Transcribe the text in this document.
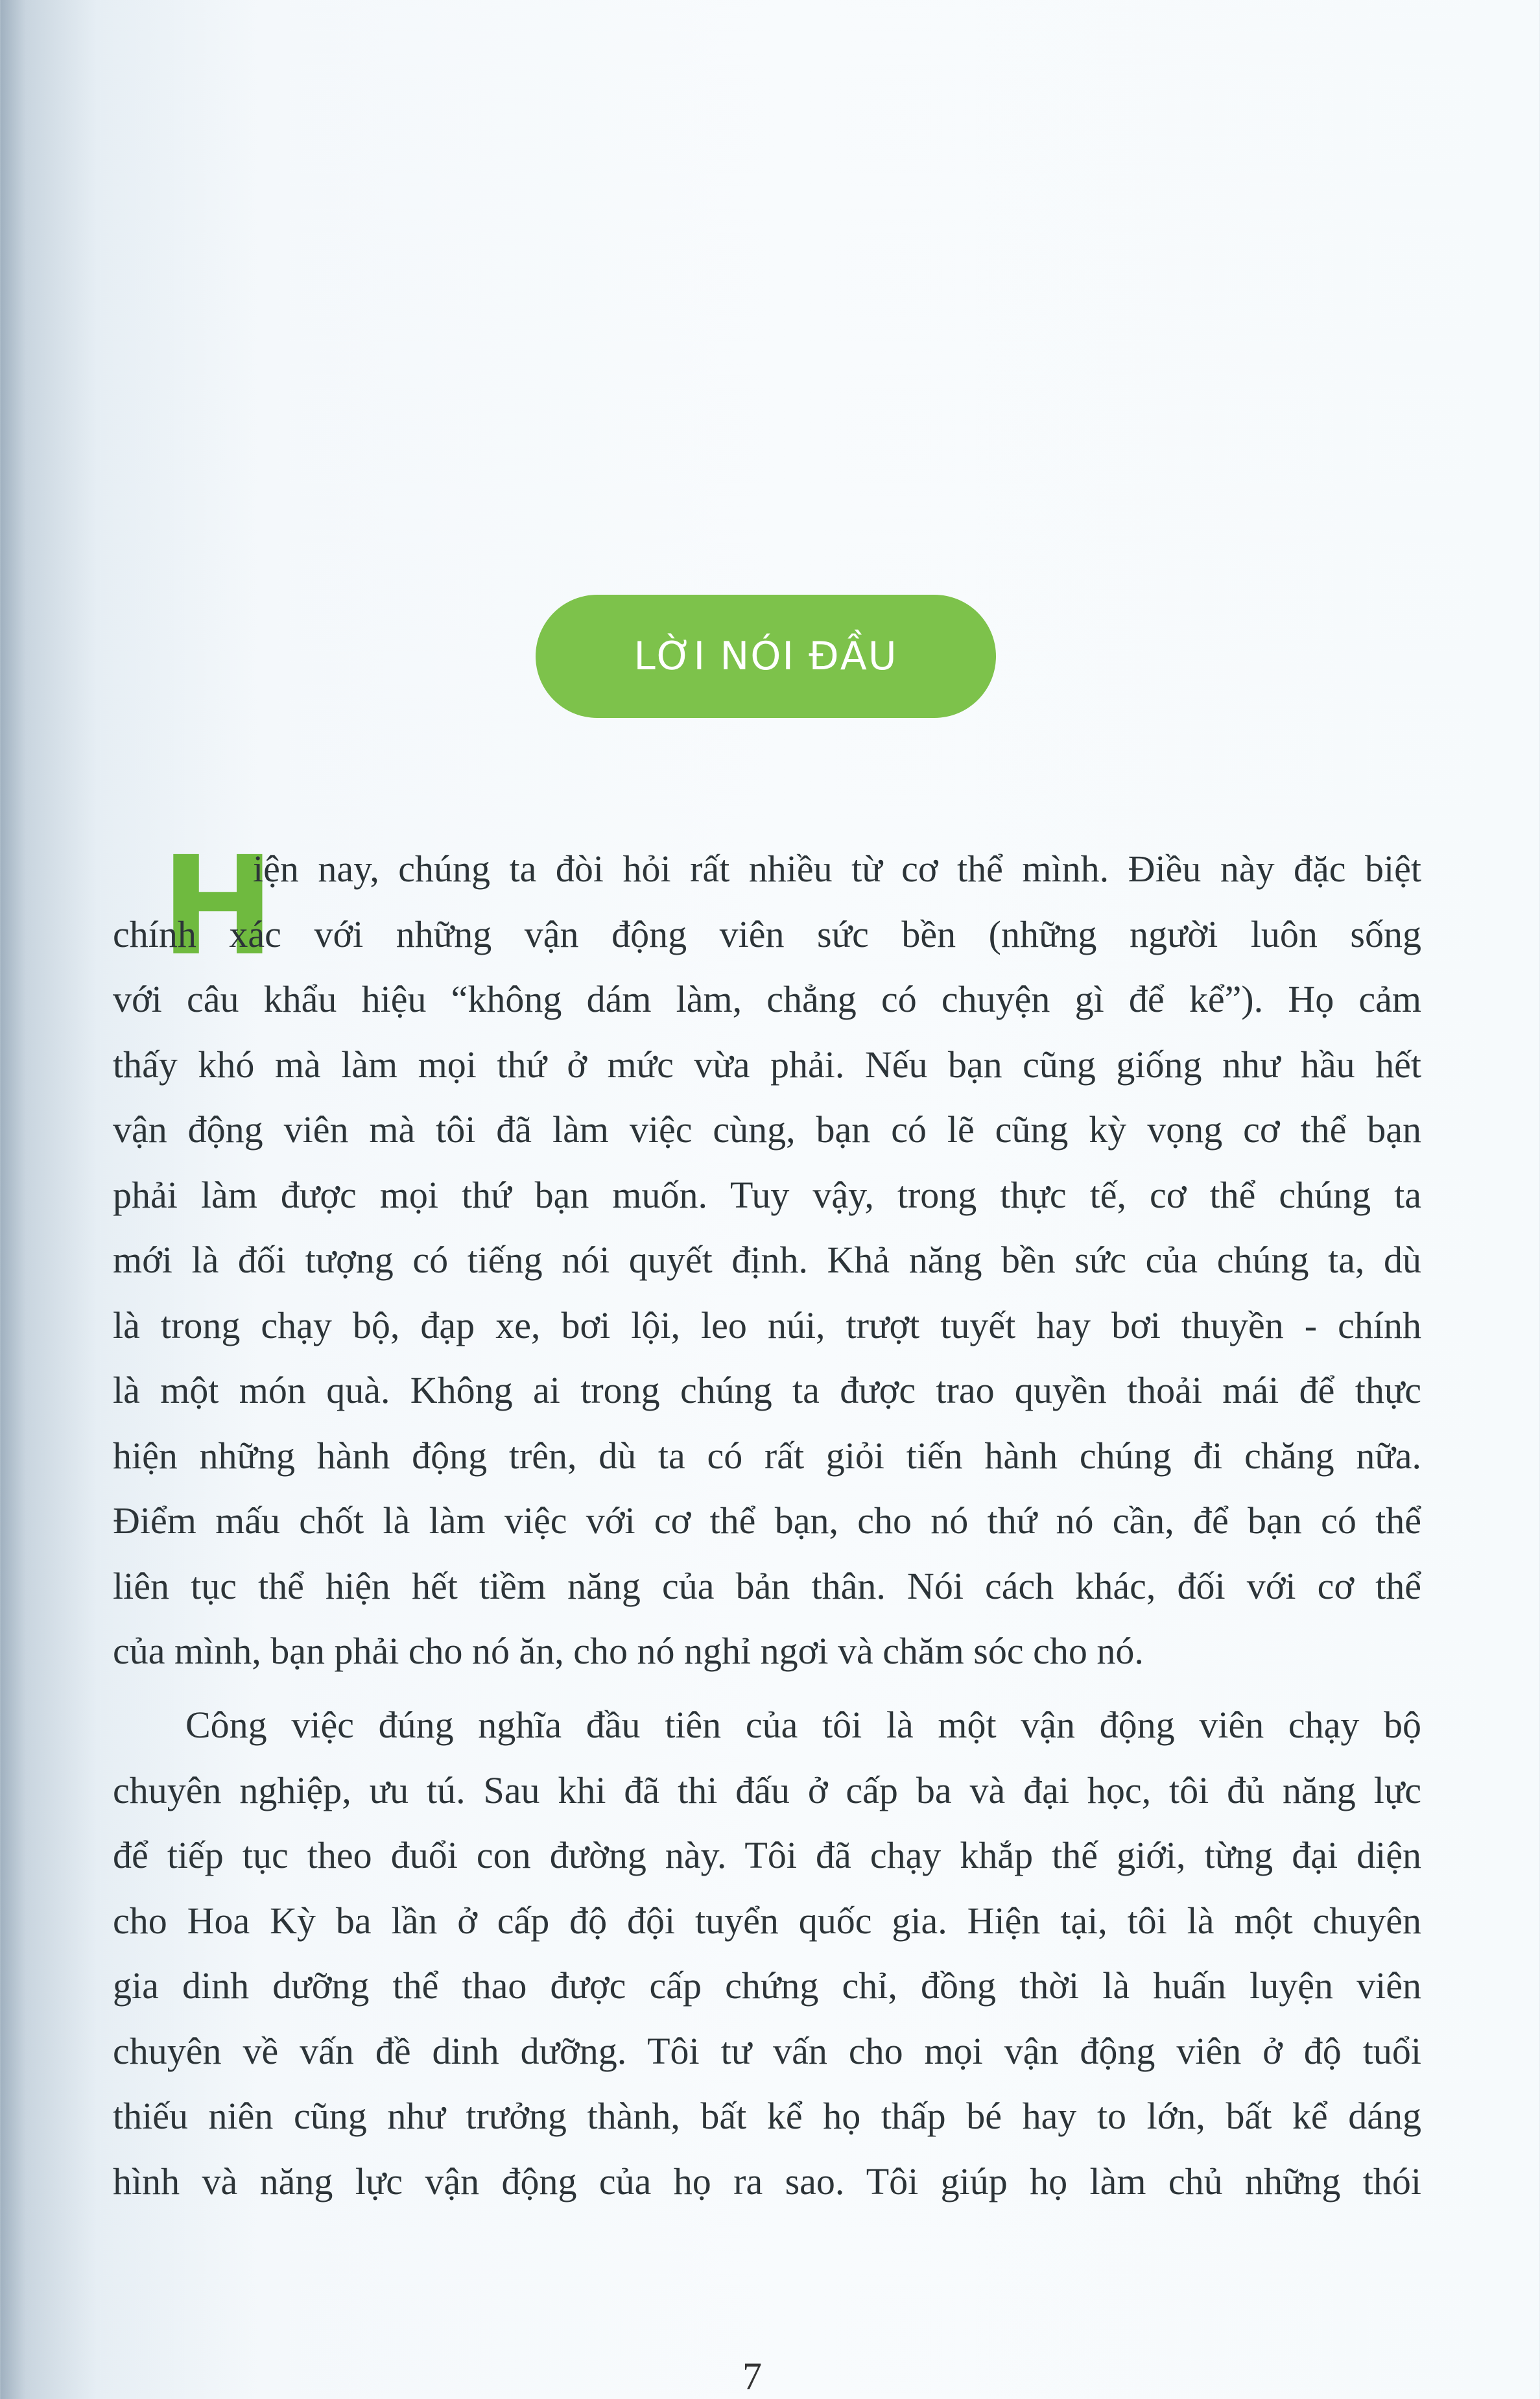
LỜI NÓI ĐẦU
H
iện nay, chúng ta đòi hỏi rất nhiều từ cơ thể mình. Điều này đặc biệt
chính xác với những vận động viên sức bền (những người luôn sống
với câu khẩu hiệu “không dám làm, chẳng có chuyện gì để kể”). Họ cảm
thấy khó mà làm mọi thứ ở mức vừa phải. Nếu bạn cũng giống như hầu hết
vận động viên mà tôi đã làm việc cùng, bạn có lẽ cũng kỳ vọng cơ thể bạn
phải làm được mọi thứ bạn muốn. Tuy vậy, trong thực tế, cơ thể chúng ta
mới là đối tượng có tiếng nói quyết định. Khả năng bền sức của chúng ta, dù
là trong chạy bộ, đạp xe, bơi lội, leo núi, trượt tuyết hay bơi thuyền - chính
là một món quà. Không ai trong chúng ta được trao quyền thoải mái để thực
hiện những hành động trên, dù ta có rất giỏi tiến hành chúng đi chăng nữa.
Điểm mấu chốt là làm việc với cơ thể bạn, cho nó thứ nó cần, để bạn có thể
liên tục thể hiện hết tiềm năng của bản thân. Nói cách khác, đối với cơ thể
của mình, bạn phải cho nó ăn, cho nó nghỉ ngơi và chăm sóc cho nó.
Công việc đúng nghĩa đầu tiên của tôi là một vận động viên chạy bộ
chuyên nghiệp, ưu tú. Sau khi đã thi đấu ở cấp ba và đại học, tôi đủ năng lực
để tiếp tục theo đuổi con đường này. Tôi đã chạy khắp thế giới, từng đại diện
cho Hoa Kỳ ba lần ở cấp độ đội tuyển quốc gia. Hiện tại, tôi là một chuyên
gia dinh dưỡng thể thao được cấp chứng chỉ, đồng thời là huấn luyện viên
chuyên về vấn đề dinh dưỡng. Tôi tư vấn cho mọi vận động viên ở độ tuổi
thiếu niên cũng như trưởng thành, bất kể họ thấp bé hay to lớn, bất kể dáng
hình và năng lực vận động của họ ra sao. Tôi giúp họ làm chủ những thói
7
